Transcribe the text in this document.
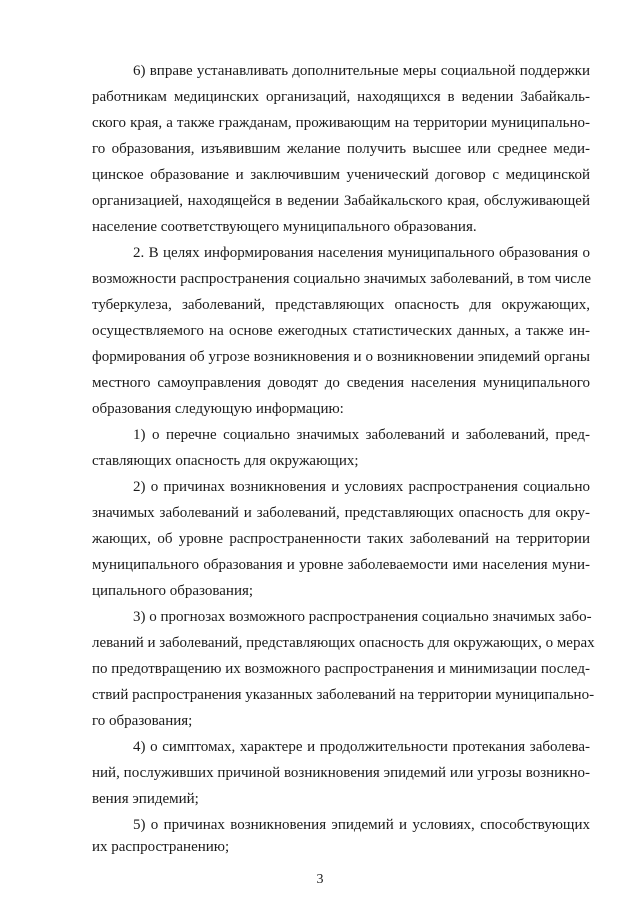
6) вправе устанавливать дополнительные меры социальной поддержки
работникам медицинских организаций, находящихся в ведении Забайкаль-
ского края, а также гражданам, проживающим на территории муниципально-
го образования, изъявившим желание получить высшее или среднее меди-
цинское образование и заключившим ученический договор с медицинской
организацией, находящейся в ведении Забайкальского края, обслуживающей
население соответствующего муниципального образования.
2. В целях информирования населения муниципального образования о
возможности распространения социально значимых заболеваний, в том числе
туберкулеза, заболеваний, представляющих опасность для окружающих,
осуществляемого на основе ежегодных статистических данных, а также ин-
формирования об угрозе возникновения и о возникновении эпидемий органы
местного самоуправления доводят до сведения населения муниципального
образования следующую информацию:
1) о перечне социально значимых заболеваний и заболеваний, пред-
ставляющих опасность для окружающих;
2) о причинах возникновения и условиях распространения социально
значимых заболеваний и заболеваний, представляющих опасность для окру-
жающих, об уровне распространенности таких заболеваний на территории
муниципального образования и уровне заболеваемости ими населения муни-
ципального образования;
3) о прогнозах возможного распространения социально значимых забо-
леваний и заболеваний, представляющих опасность для окружающих, о мерах
по предотвращению их возможного распространения и минимизации послед-
ствий распространения указанных заболеваний на территории муниципально-
го образования;
4) о симптомах, характере и продолжительности протекания заболева-
ний, послуживших причиной возникновения эпидемий или угрозы возникно-
вения эпидемий;
5) о причинах возникновения эпидемий и условиях, способствующих
их распространению;
3
